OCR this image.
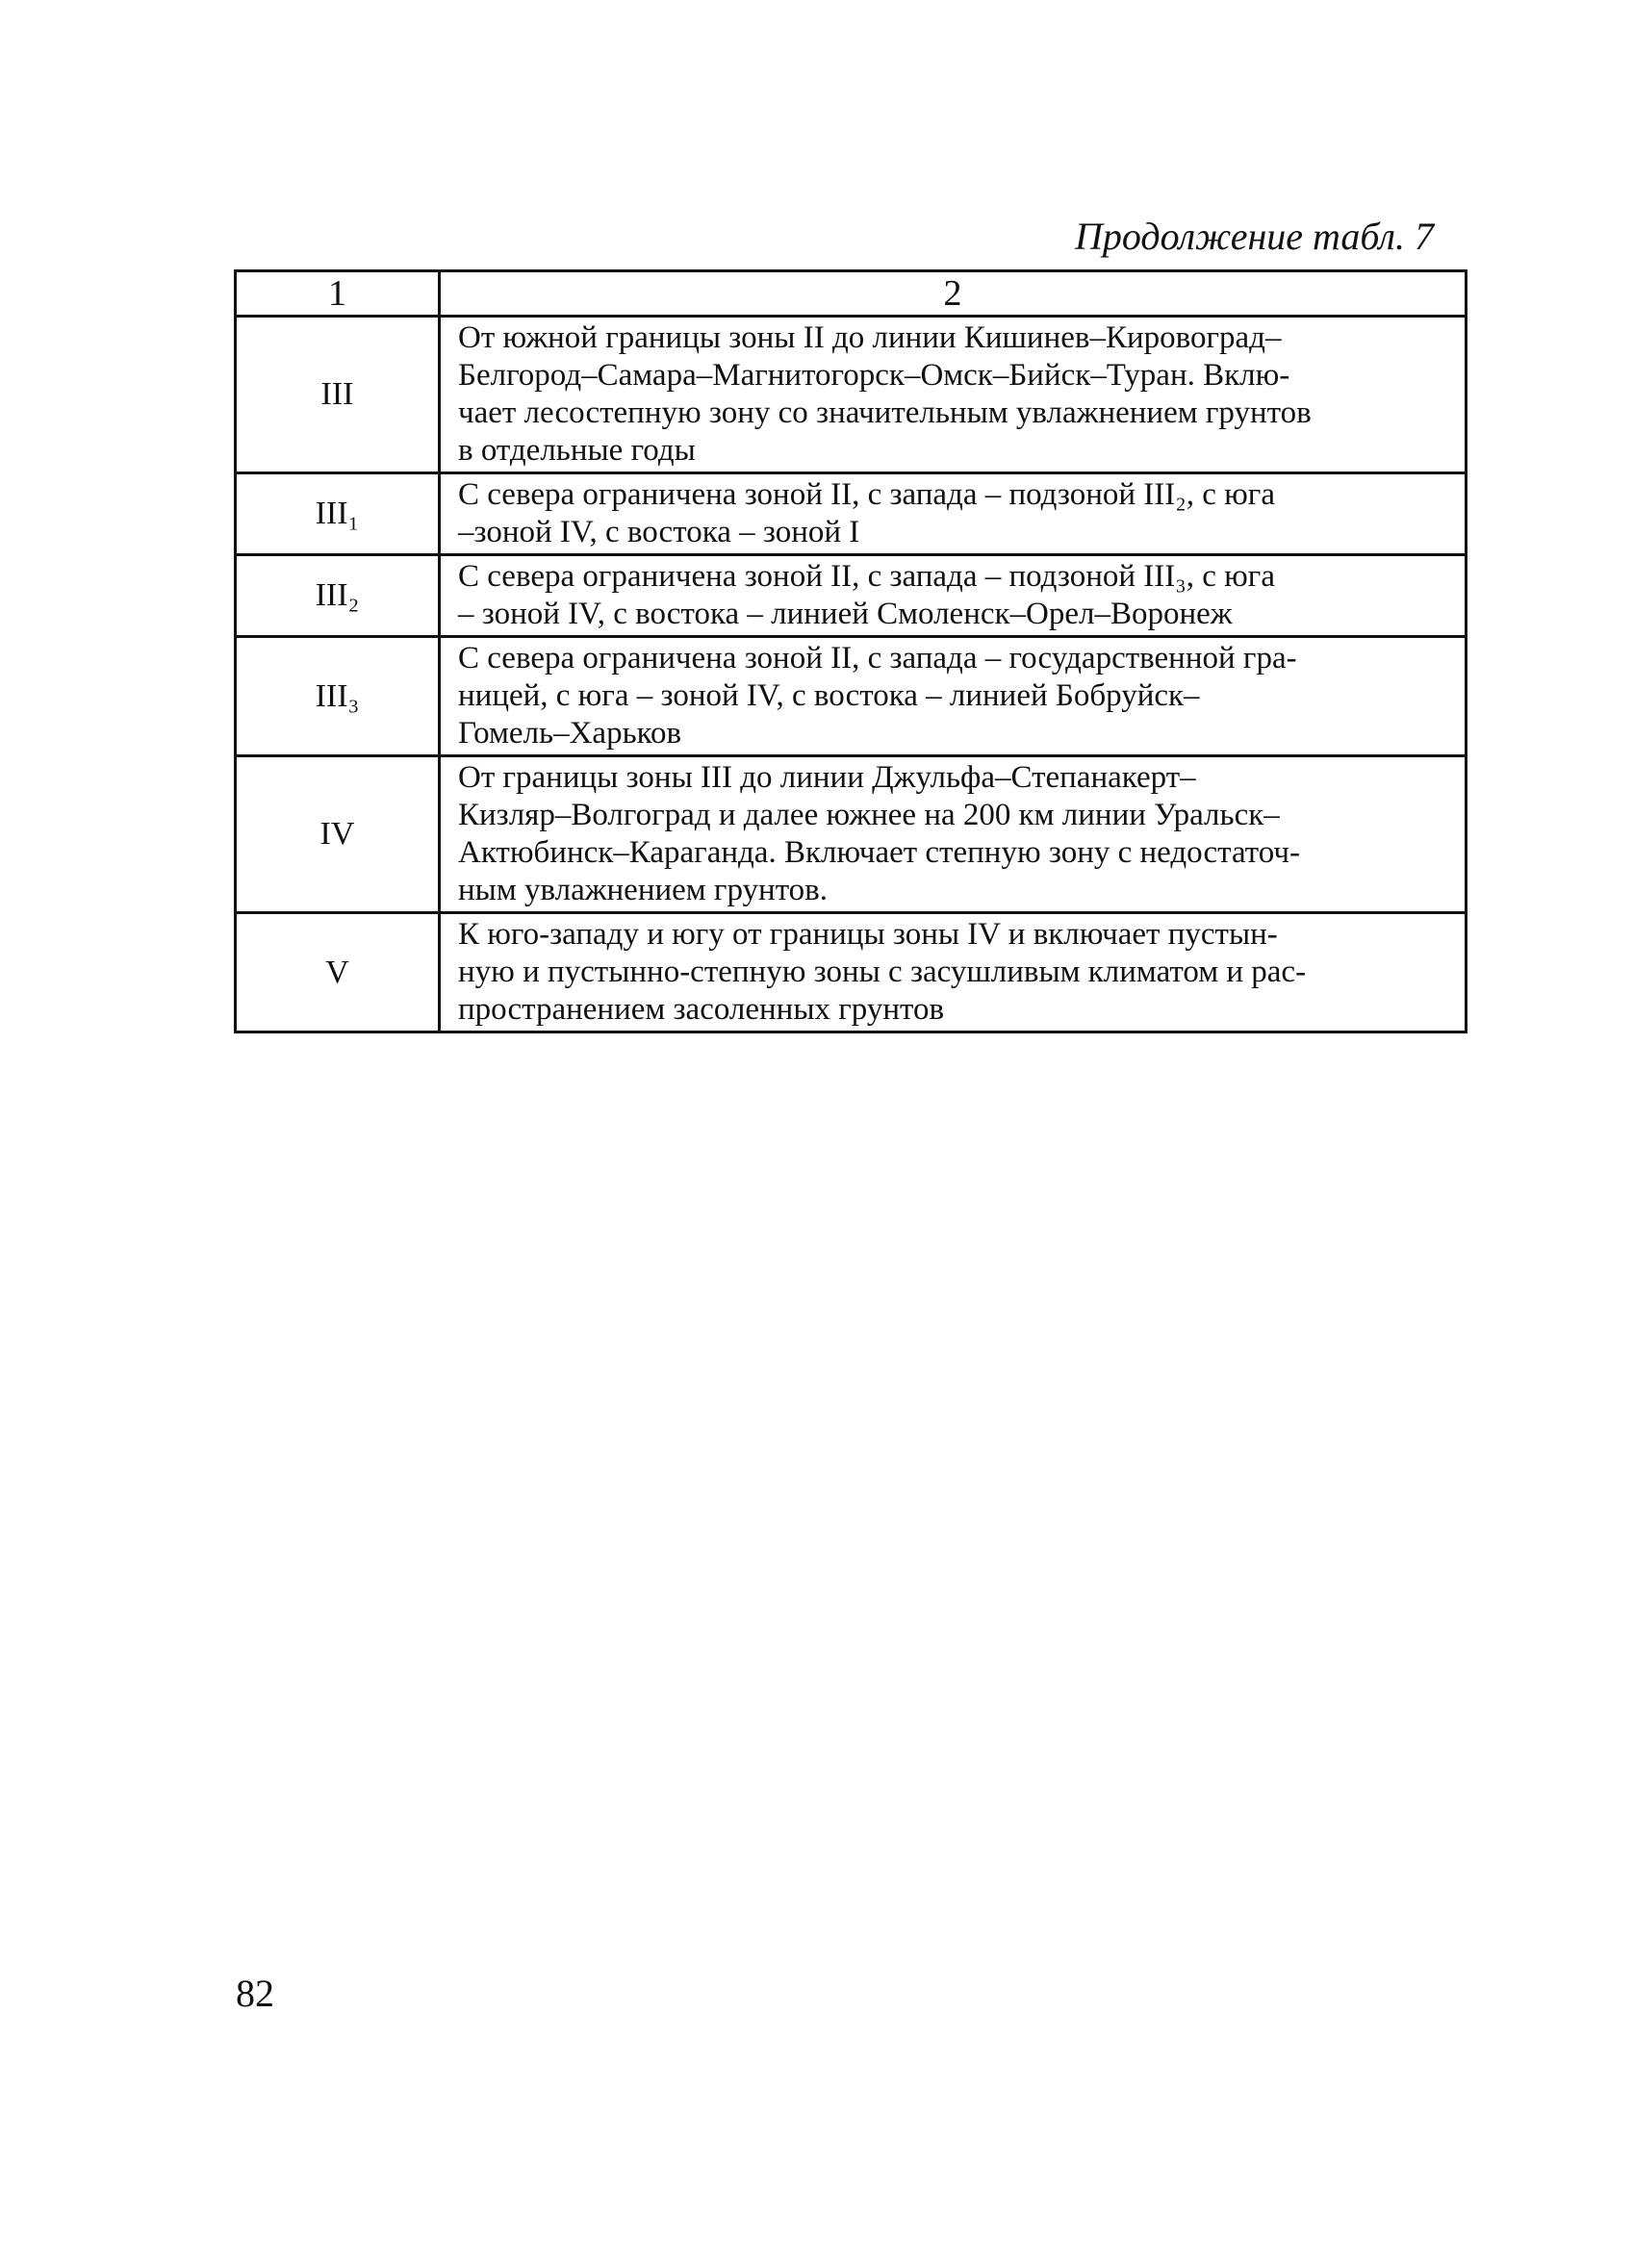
Продолжение табл. 7
1	2
III	От южной границы зоны II до линии Кишинев–Кировоград–
Белгород–Самара–Магнитогорск–Омск–Бийск–Туран. Вклю-
чает лесостепную зону со значительным увлажнением грунтов
в отдельные годы

III₁	С севера ограничена зоной II, с запада – подзоной III₂, с юга
–зоной IV, с востока – зоной I

III₂	С севера ограничена зоной II, с запада – подзоной III₃, с юга
– зоной IV, с востока – линией Смоленск–Орел–Воронеж

III₃	С севера ограничена зоной II, с запада – государственной гра-
ницей, с юга – зоной IV, с востока – линией Бобруйск–
Гомель–Харьков

IV	От границы зоны III до линии Джульфа–Степанакерт–
Кизляр–Волгоград и далее южнее на 200 км линии Уральск–
Актюбинск–Караганда. Включает степную зону с недостаточ-
ным увлажнением грунтов.

V	К юго-западу и югу от границы зоны IV и включает пустын-
ную и пустынно-степную зоны с засушливым климатом и рас-
пространением засоленных грунтов
82
